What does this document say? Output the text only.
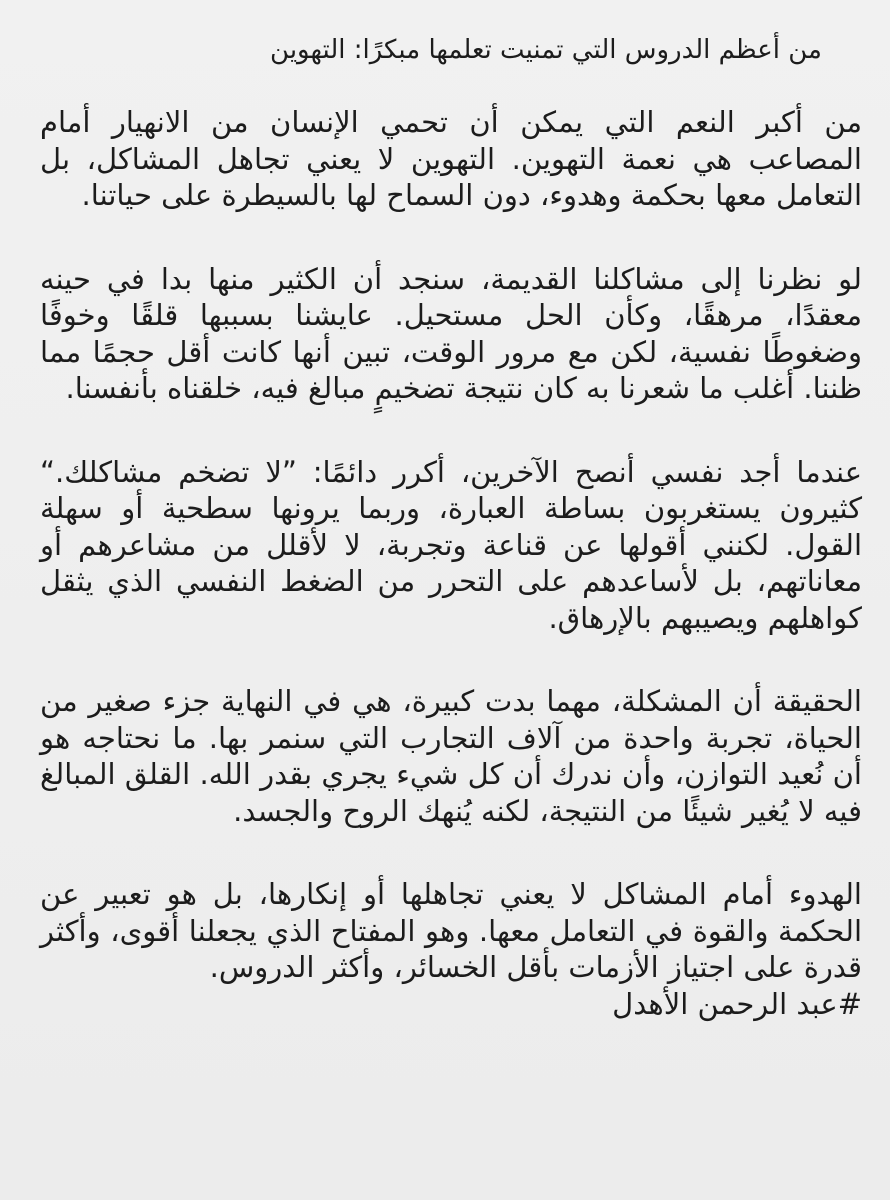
من أعظم الدروس التي تمنيت تعلمها مبكرًا: التهوين

من أكبر النعم التي يمكن أن تحمي الإنسان من الانهيار أمام المصاعب هي نعمة التهوين. التهوين لا يعني تجاهل المشاكل، بل التعامل معها بحكمة وهدوء، دون السماح لها بالسيطرة على حياتنا.

لو نظرنا إلى مشاكلنا القديمة، سنجد أن الكثير منها بدا في حينه معقدًا، مرهقًا، وكأن الحل مستحيل. عايشنا بسببها قلقًا وخوفًا وضغوطًا نفسية، لكن مع مرور الوقت، تبين أنها كانت أقل حجمًا مما ظننا. أغلب ما شعرنا به كان نتيجة تضخيمٍ مبالغ فيه، خلقناه بأنفسنا.

عندما أجد نفسي أنصح الآخرين، أكرر دائمًا: ”لا تضخم مشاكلك.“ كثيرون يستغربون بساطة العبارة، وربما يرونها سطحية أو سهلة القول. لكنني أقولها عن قناعة وتجربة، لا لأقلل من مشاعرهم أو معاناتهم، بل لأساعدهم على التحرر من الضغط النفسي الذي يثقل كواهلهم ويصيبهم بالإرهاق.

الحقيقة أن المشكلة، مهما بدت كبيرة، هي في النهاية جزء صغير من الحياة، تجربة واحدة من آلاف التجارب التي سنمر بها. ما نحتاجه هو أن نُعيد التوازن، وأن ندرك أن كل شيء يجري بقدر الله. القلق المبالغ فيه لا يُغير شيئًا من النتيجة، لكنه يُنهك الروح والجسد.

الهدوء أمام المشاكل لا يعني تجاهلها أو إنكارها، بل هو تعبير عن الحكمة والقوة في التعامل معها. وهو المفتاح الذي يجعلنا أقوى، وأكثر قدرة على اجتياز الأزمات بأقل الخسائر، وأكثر الدروس.

#عبد الرحمن الأهدل
